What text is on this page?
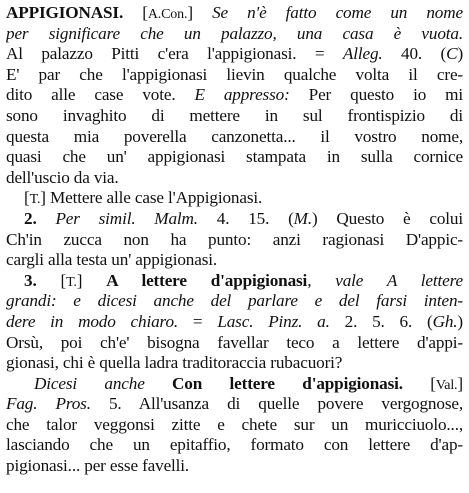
APPIGIONASI. [A.Con.] Se n'è fatto come un nome
per significare che un palazzo, una casa è vuota.
Al palazzo Pitti c'era l'appigionasi. = Alleg. 40. (C)
E' par che l'appigionasi lievin qualche volta il cre-
dito alle case vote. E appresso: Per questo io mi
sono invaghito di mettere in sul frontispizio di
questa mia poverella canzonetta... il vostro nome,
quasi che un' appigionasi stampata in sulla cornice
dell'uscio da via.
[T.] Mettere alle case l'Appigionasi.
2. Per simil. Malm. 4. 15. (M.) Questo è colui
Ch'in zucca non ha punto: anzi ragionasi D'appic-
cargli alla testa un' appigionasi.
3. [T.] A lettere d'appigionasi, vale A lettere
grandi: e dicesi anche del parlare e del farsi inten-
dere in modo chiaro. = Lasc. Pinz. a. 2. 5. 6. (Gh.)
Orsù, poi ch'e' bisogna favellar teco a lettere d'appi-
gionasi, chi è quella ladra traditoraccia rubacuori?
Dicesi anche Con lettere d'appigionasi. [Val.]
Fag. Pros. 5. All'usanza di quelle povere vergognose,
che talor veggonsi zitte e chete sur un muricciuolo...,
lasciando che un epitaffio, formato con lettere d'ap-
pigionasi... per esse favelli.
